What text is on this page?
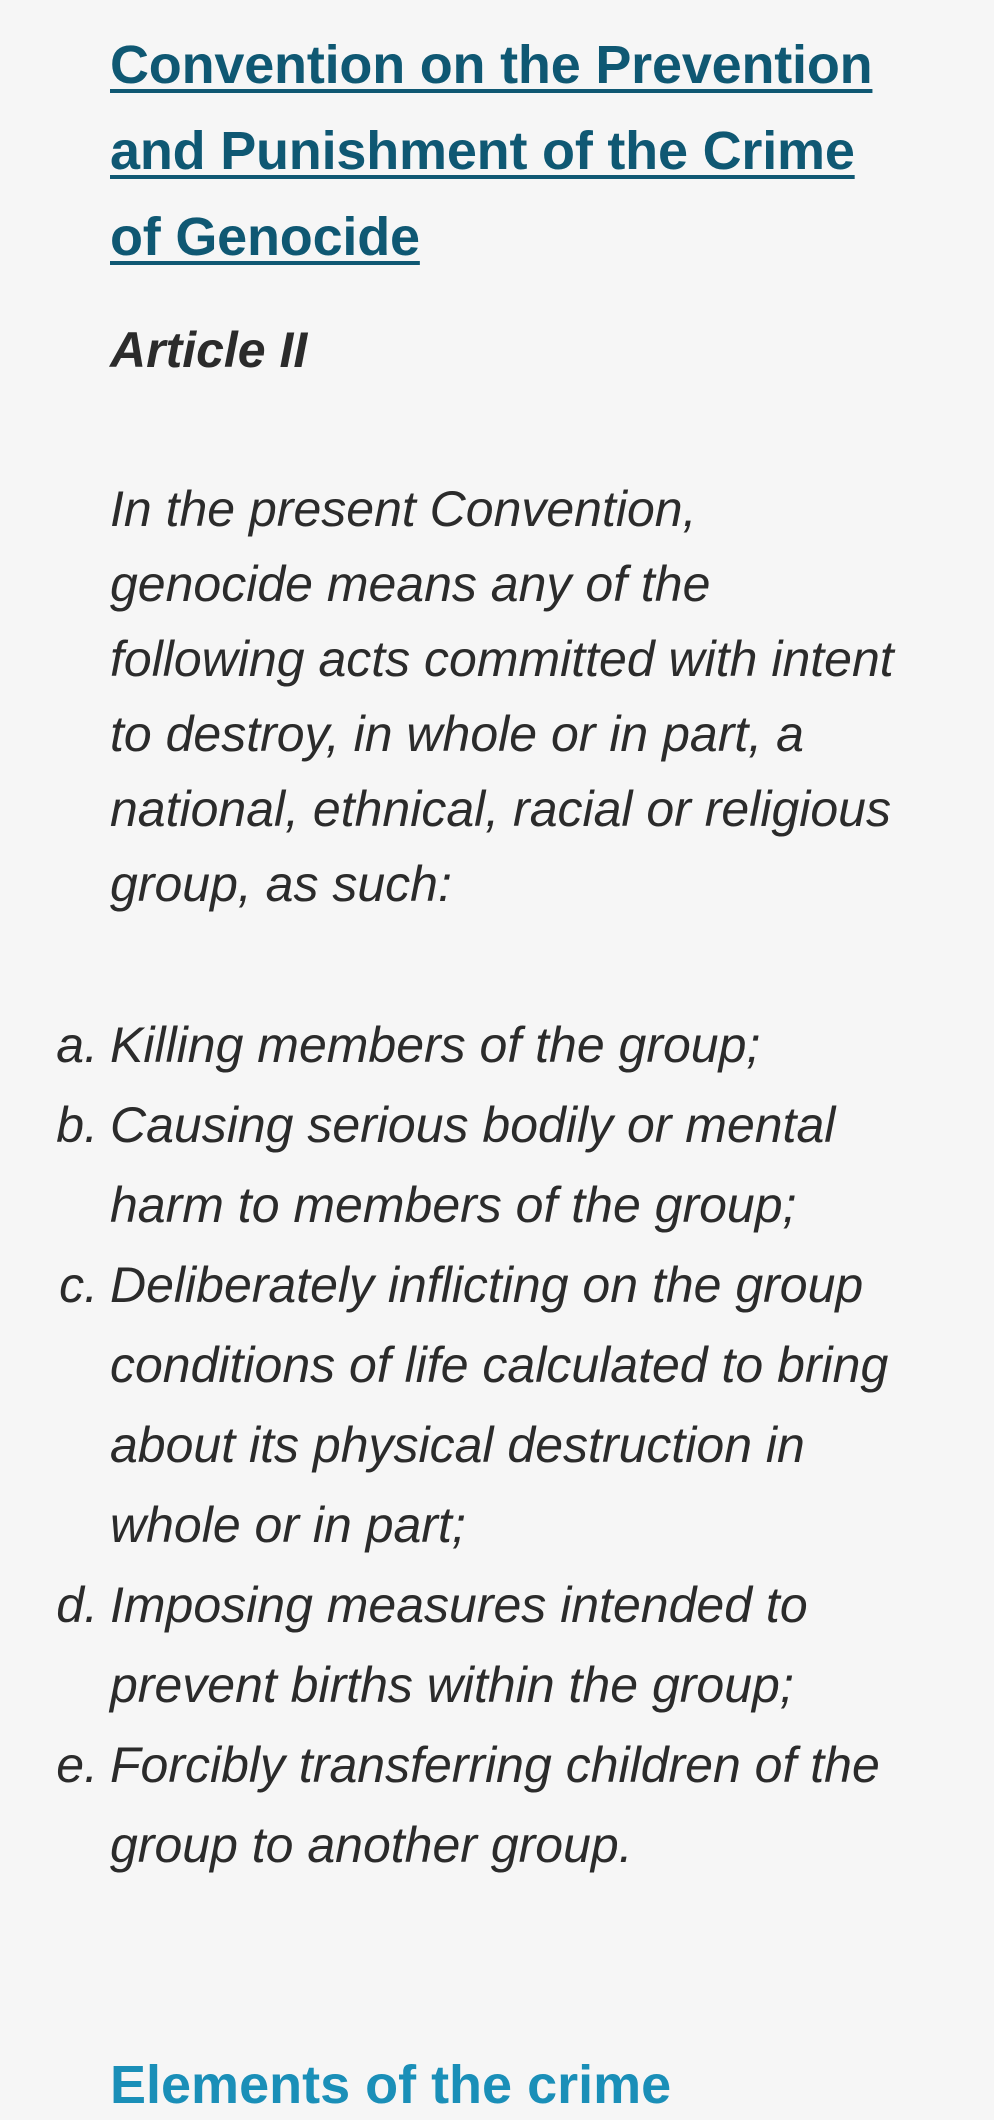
Convention on the Prevention
and Punishment of the Crime
of Genocide
Article II
In the present Convention, genocide means any of the following acts committed with intent to destroy, in whole or in part, a national, ethnical, racial or religious group, as such:
a. Killing members of the group;
b. Causing serious bodily or mental harm to members of the group;
c. Deliberately inflicting on the group conditions of life calculated to bring about its physical destruction in whole or in part;
d. Imposing measures intended to prevent births within the group;
e. Forcibly transferring children of the group to another group.
Elements of the crime
